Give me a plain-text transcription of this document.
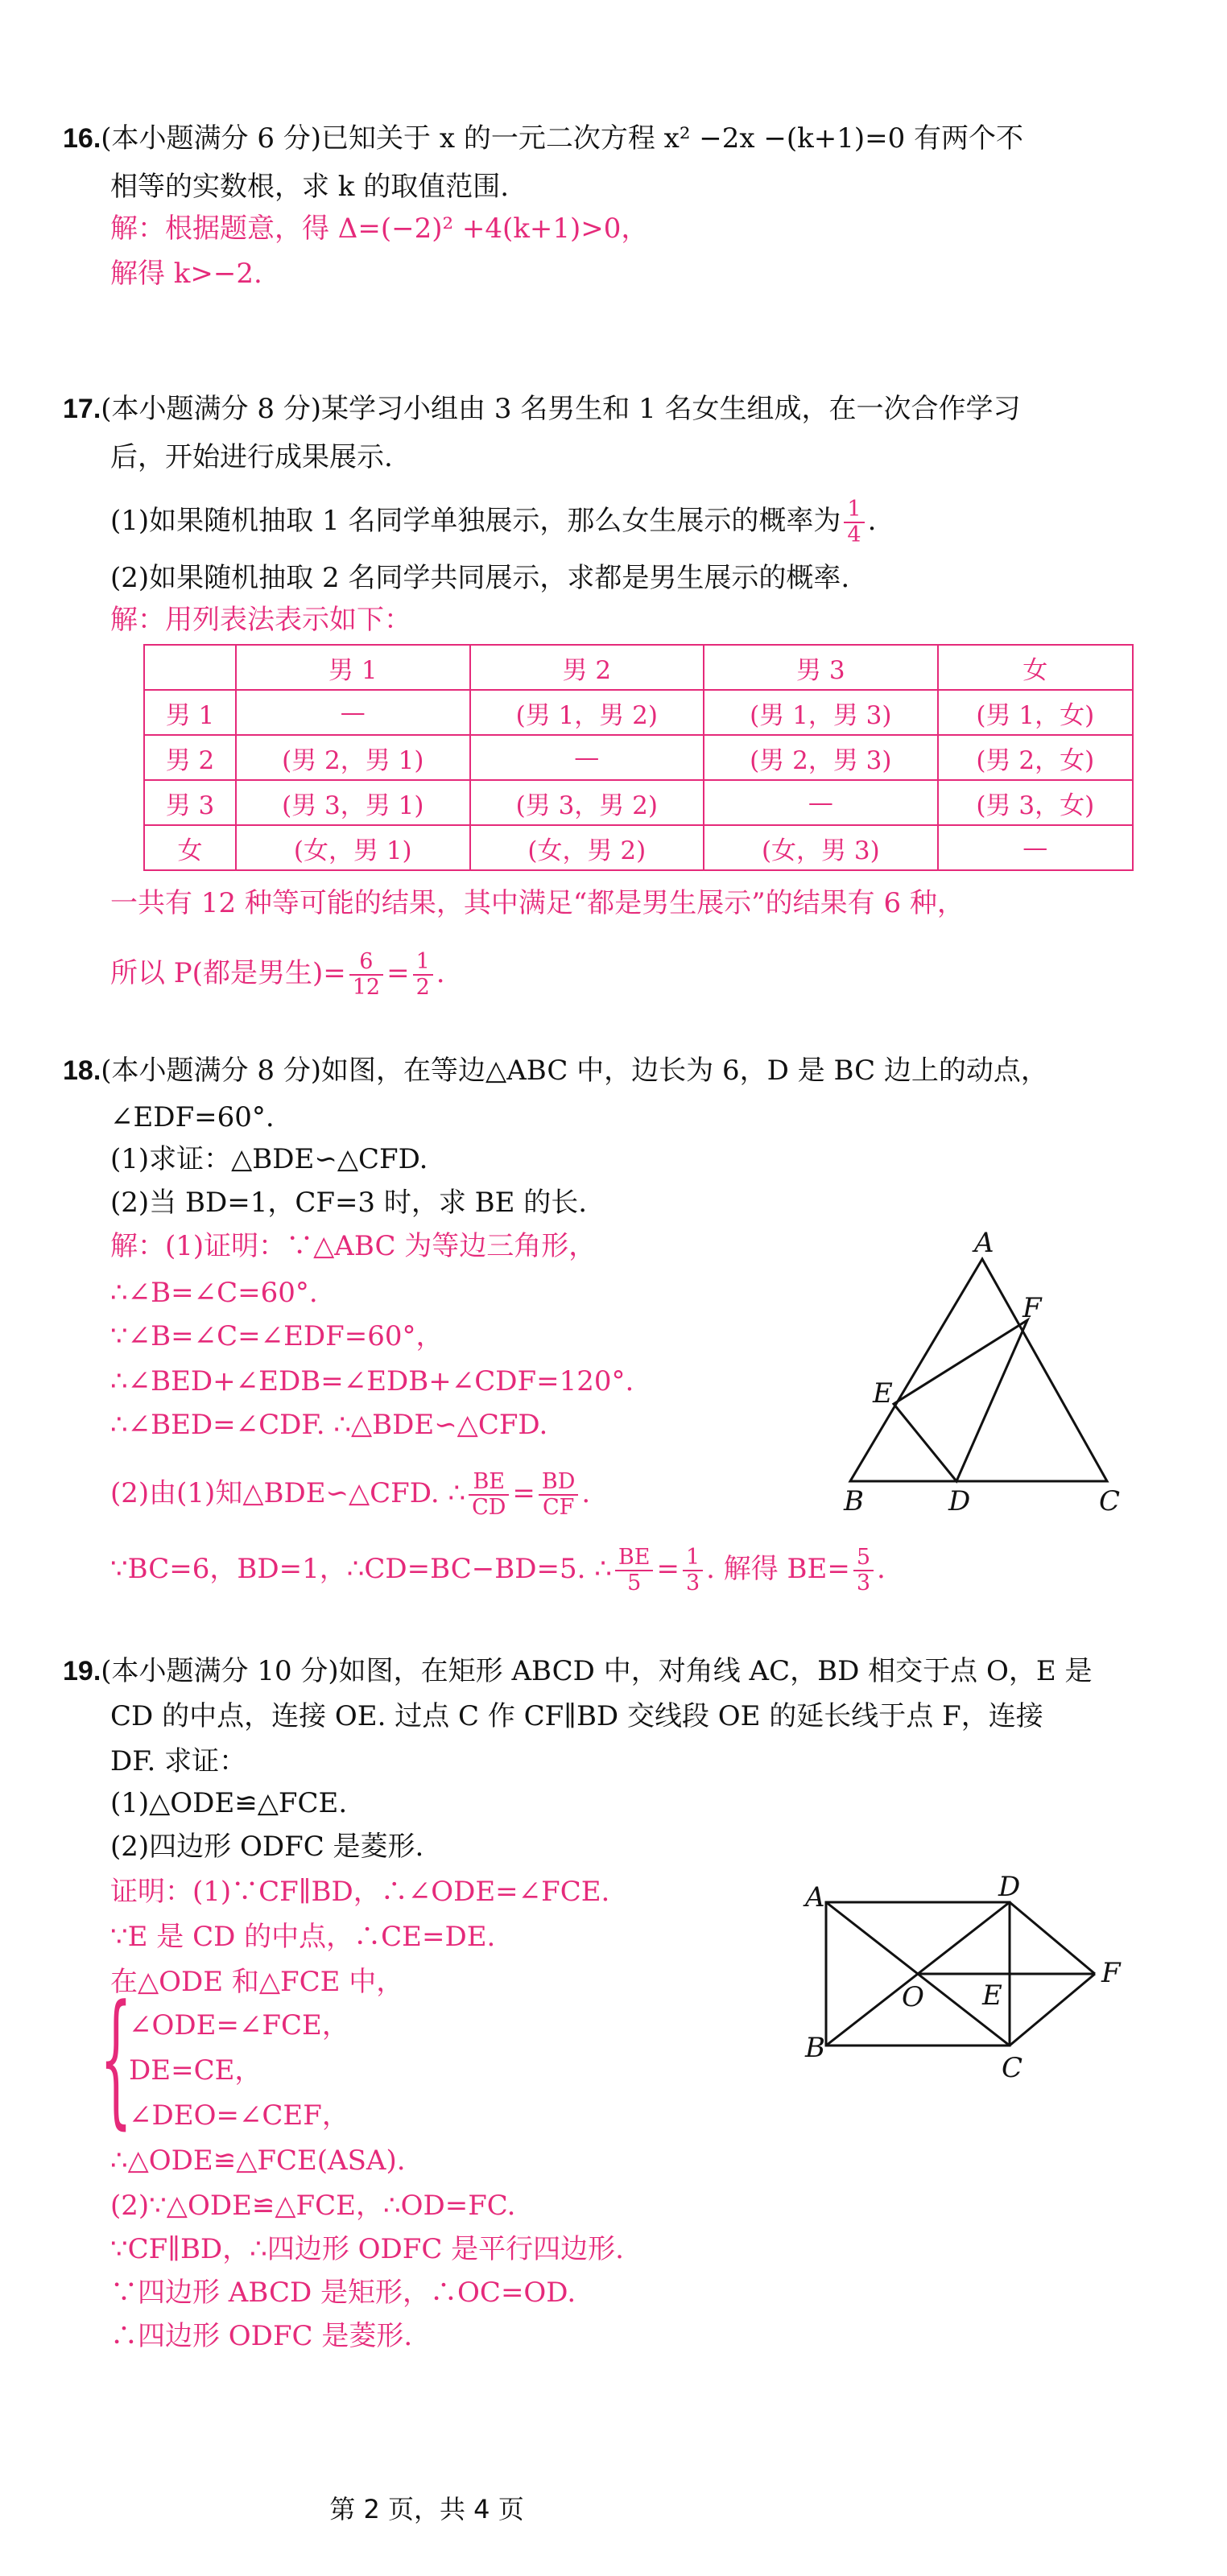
16.(本小题满分 6 分)已知关于 x 的一元二次方程 x² −2x −(k+1)=0 有两个不
相等的实数根，求 k 的取值范围.
解：根据题意，得 Δ=(−2)² +4(k+1)>0，
解得 k>−2.
17.(本小题满分 8 分)某学习小组由 3 名男生和 1 名女生组成，在一次合作学习
后，开始进行成果展示.
(1)如果随机抽取 1 名同学单独展示，那么女生展示的概率为 $\frac{1}{4}$ .
(2)如果随机抽取 2 名同学共同展示，求都是男生展示的概率.
解：用列表法表示如下：
	男 1	男 2	男 3	女
男 1	—	(男 1，男 2)	(男 1，男 3)	(男 1，女)
男 2	(男 2，男 1)	—	(男 2，男 3)	(男 2，女)
男 3	(男 3，男 1)	(男 3，男 2)	—	(男 3，女)
女	(女，男 1)	(女，男 2)	(女，男 3)	—
一共有 12 种等可能的结果，其中满足“都是男生展示”的结果有 6 种，
所以 P(都是男生)= $\frac{6}{12} = \frac{1}{2}$ .
18.(本小题满分 8 分)如图，在等边△ABC 中，边长为 6，D 是 BC 边上的动点，
∠EDF=60°.
(1)求证：△BDE∽△CFD.
(2)当 BD=1，CF=3 时，求 BE 的长.
解：(1)证明：∵△ABC 为等边三角形，
∴∠B=∠C=60°.
∵∠B=∠C=∠EDF=60°，
∴∠BED+∠EDB=∠EDB+∠CDF=120°.
∴∠BED=∠CDF. ∴△BDE∽△CFD.
(2)由(1)知△BDE∽△CFD. ∴ $\frac{BE}{CD} = \frac{BD}{CF}$ .
∵BC=6，BD=1，∴CD=BC−BD=5. ∴ $\frac{BE}{5} = \frac{1}{3}$ . 解得 $BE= \frac{5}{3}$ .
A
B	C
D
E
F
19.(本小题满分 10 分)如图，在矩形 ABCD 中，对角线 AC，BD 相交于点 O，E 是
CD 的中点，连接 OE. 过点 C 作 CF∥BD 交线段 OE 的延长线于点 F，连接
DF. 求证：
(1)△ODE≌△FCE.
(2)四边形 ODFC 是菱形.
证明：(1)∵CF∥BD，∴∠ODE=∠FCE.
∵E 是 CD 的中点，∴CE=DE.
在△ODE 和△FCE 中，
{
∠ODE=∠FCE，
DE=CE，
∠DEO=∠CEF，
∴△ODE≌△FCE(ASA).
(2)∵△ODE≌△FCE，∴OD=FC.
∵CF∥BD，∴四边形 ODFC 是平行四边形.
∵四边形 ABCD 是矩形，∴OC=OD.
∴四边形 ODFC 是菱形.
A
B
C
D
E
F
O
第 2 页，共 4 页
